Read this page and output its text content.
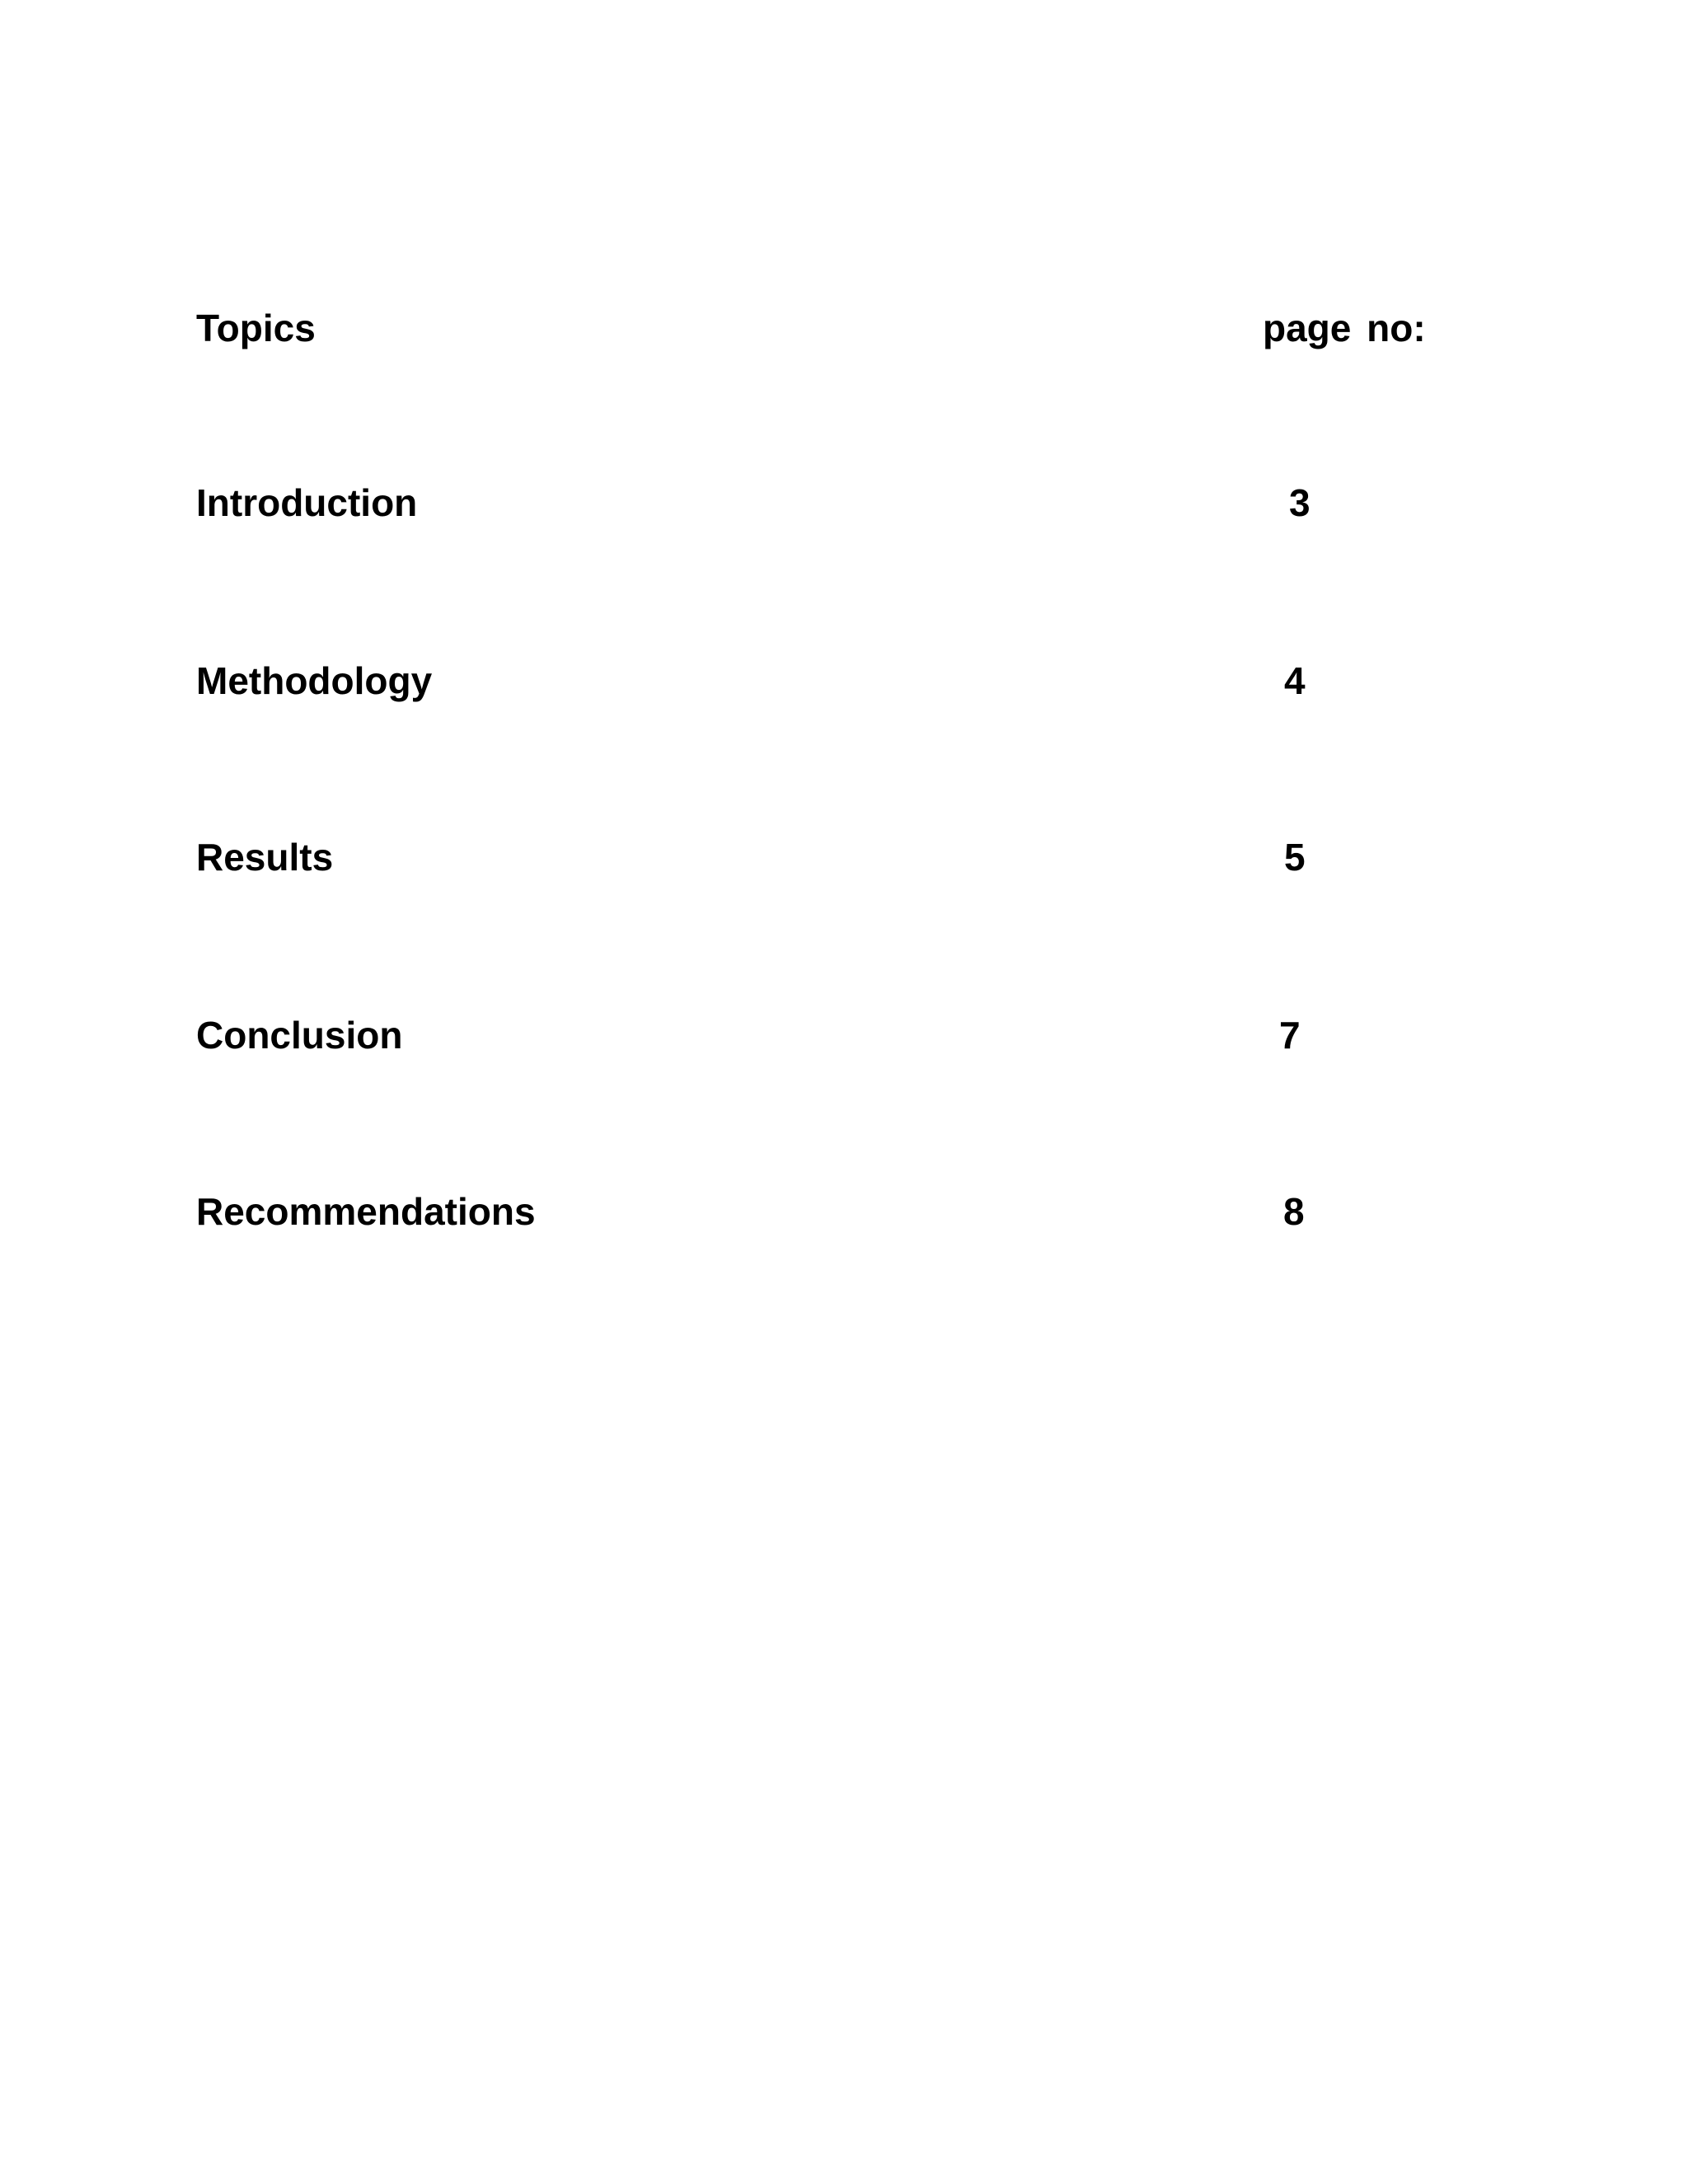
Topics	page no:
Introduction	3
Methodology	4
Results	5
Conclusion	7
Recommendations	8
